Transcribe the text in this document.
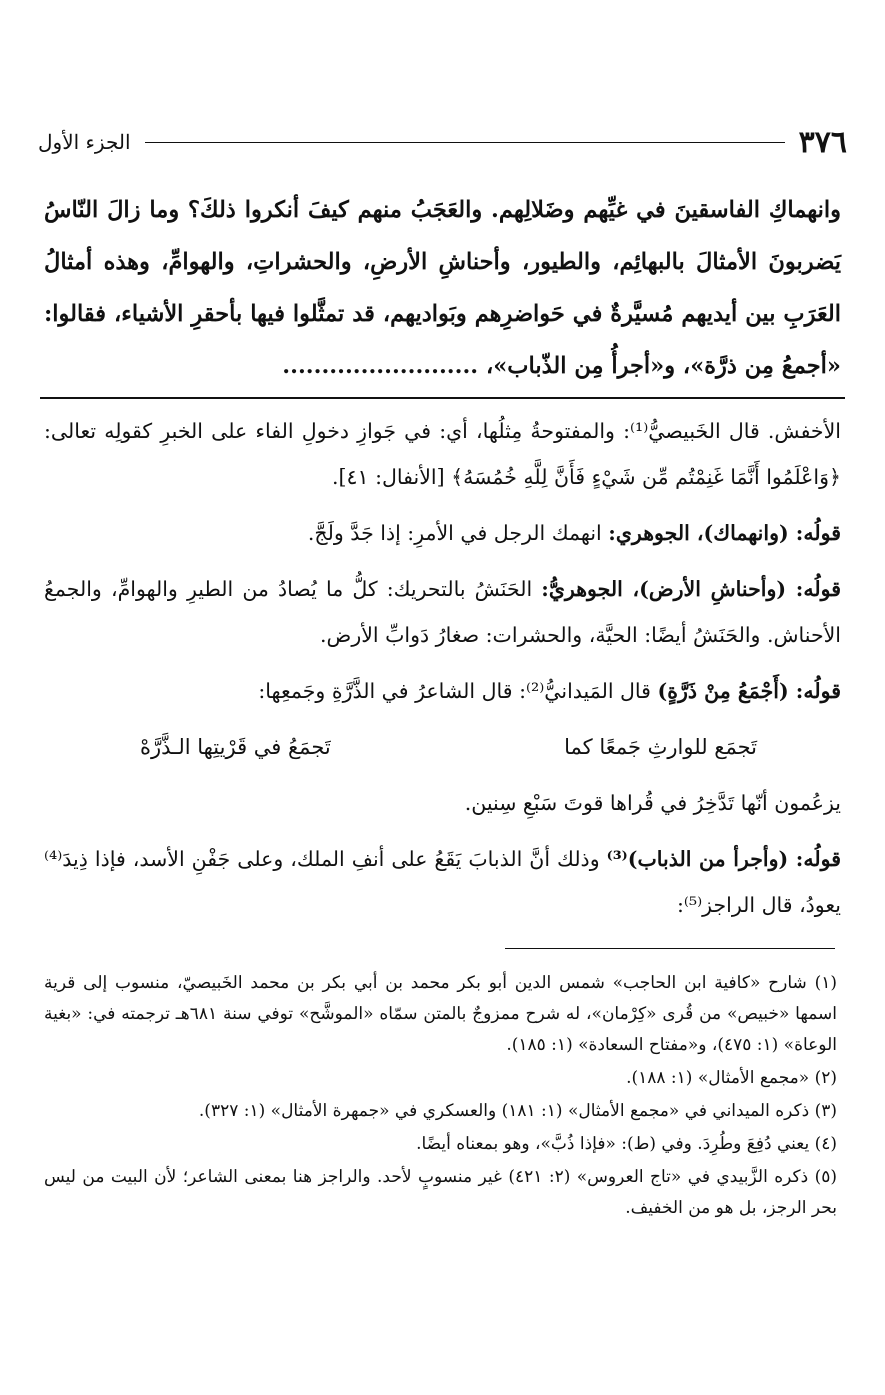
٣٧٦
الجزء الأول

وانهماكِ الفاسقينَ في غيِّهم وضَلالِهم. والعَجَبُ منهم كيفَ أنكروا ذلكَ؟ وما زالَ النّاسُ يَضربونَ الأمثالَ بالبهائِم، والطيور، وأحناشِ الأرضِ، والحشراتِ، والهوامِّ، وهذه أمثالُ العَرَبِ بين أيديهم مُسيَّرةٌ في حَواضرِهم وبَواديهم، قد تمثَّلوا فيها بأحقرِ الأشياء، فقالوا: «أجمعُ مِن ذرَّة»، و«أجرأُ مِن الذّباب»، .........................

الأخفش. قال الخَبيصيُّ⁽¹⁾: والمفتوحةُ مِثلُها، أي: في جَوازِ دخولِ الفاء على الخبرِ كقولِه تعالى: ﴿وَاعْلَمُوا أَنَّمَا غَنِمْتُم مِّن شَيْءٍ فَأَنَّ لِلَّهِ خُمُسَهُ﴾ [الأنفال: ٤١].

قولُه: (وانهماك)، الجوهري: انهمك الرجل في الأمرِ: إذا جَدَّ ولَجَّ.

قولُه: (وأحناشِ الأرض)، الجوهريُّ: الحَنَشُ بالتحريك: كلُّ ما يُصادُ من الطيرِ والهوامِّ، والجمعُ الأحناش. والحَنَشُ أيضًا: الحيَّة، والحشرات: صغارُ دَوابِّ الأرض.

قولُه: (أَجْمَعُ مِنْ ذَرَّةٍ) قال المَيدانيُّ⁽²⁾: قال الشاعرُ في الذَّرَّةِ وجَمعِها:

تَجمَع للوارثِ جَمعًا كما
تَجمَعُ في قَرْيتِها الـذَّرَّهْ

يزعُمون أنّها تَدَّخِرُ في قُراها قوتَ سَبْعِ سِنين.

قولُه: (وأجرأ من الذباب)⁽³⁾ وذلك أنَّ الذبابَ يَقَعُ على أنفِ الملك، وعلى جَفْنِ الأسد، فإذا ذِيدَ⁽⁴⁾ يعودُ، قال الراجز⁽⁵⁾:

(١) شارح «كافية ابن الحاجب» شمس الدين أبو بكر محمد بن أبي بكر بن محمد الخَبيصيّ، منسوب إلى قرية اسمها «خبيص» من قُرى «كِرْمان»، له شرح ممزوجٌ بالمتن سمّاه «الموشَّح» توفي سنة ٦٨١هـ ترجمته في: «بغية الوعاة» (١: ٤٧٥)، و«مفتاح السعادة» (١: ١٨٥).

(٢) «مجمع الأمثال» (١: ١٨٨).

(٣) ذكره الميداني في «مجمع الأمثال» (١: ١٨١) والعسكري في «جمهرة الأمثال» (١: ٣٢٧).

(٤) يعني دُفِعَ وطُرِدَ. وفي (ط): «فإذا ذُبَّ»، وهو بمعناه أيضًا.

(٥) ذكره الزَّبيدي في «تاج العروس» (٢: ٤٢١) غير منسوبٍ لأحد. والراجز هنا بمعنى الشاعر؛ لأن البيت من ليس بحر الرجز، بل هو من الخفيف.
